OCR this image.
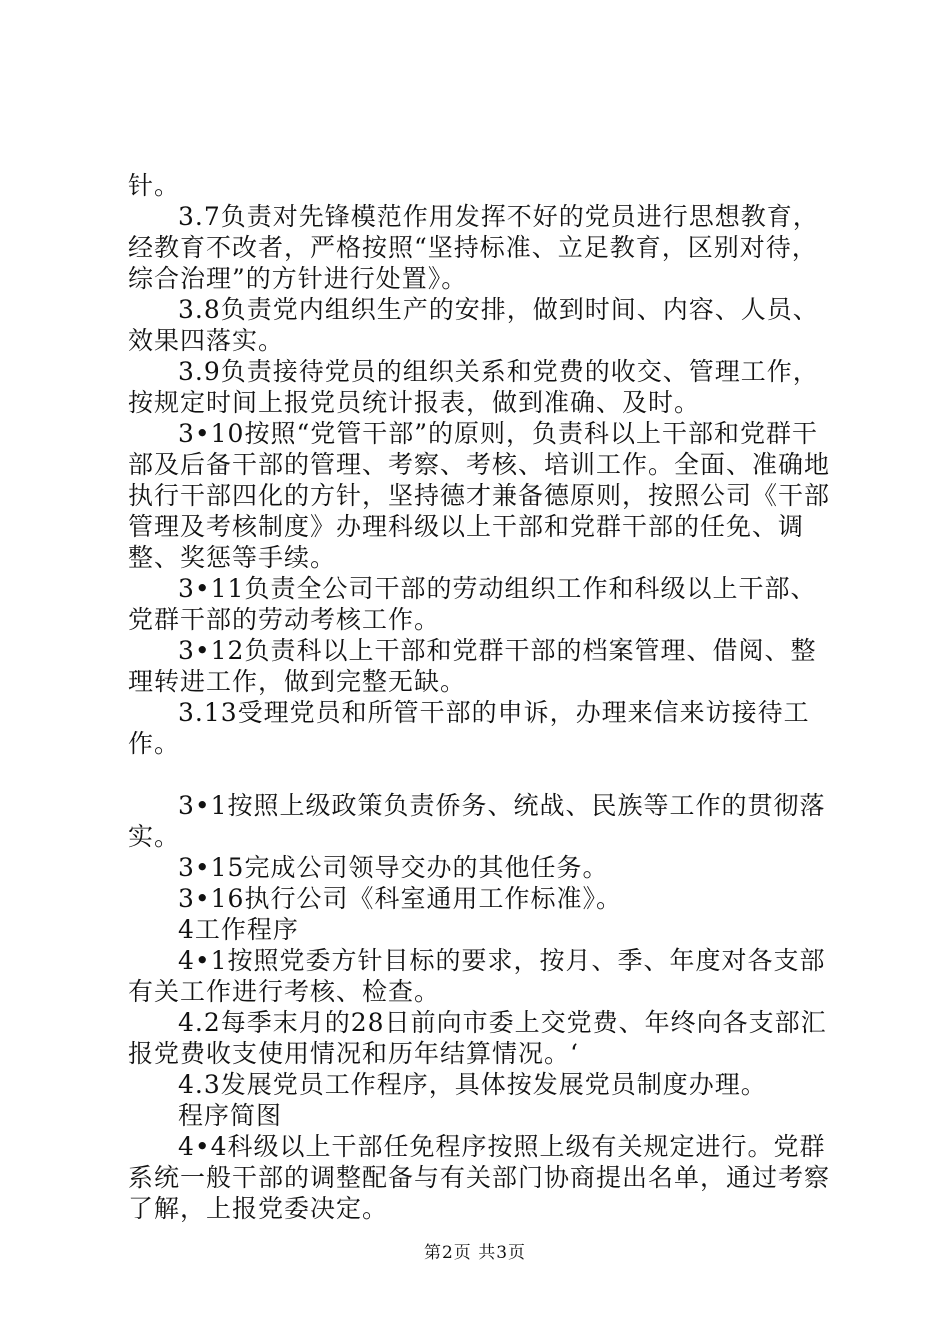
针。

3.7负责对先锋模范作用发挥不好的党员进行思想教育，经教育不改者，严格按照“坚持标准、立足教育，区别对待，综合治理”的方针进行处置》。

3.8负责党内组织生产的安排，做到时间、内容、人员、效果四落实。

3.9负责接待党员的组织关系和党费的收交、管理工作，按规定时间上报党员统计报表，做到准确、及时。

3•10按照“党管干部”的原则，负责科以上干部和党群干部及后备干部的管理、考察、考核、培训工作。全面、准确地执行干部四化的方针，坚持德才兼备德原则，按照公司《干部管理及考核制度》办理科级以上干部和党群干部的任免、调整、奖惩等手续。

3•11负责全公司干部的劳动组织工作和科级以上干部、党群干部的劳动考核工作。

3•12负责科以上干部和党群干部的档案管理、借阅、整理转进工作，做到完整无缺。

3.13受理党员和所管干部的申诉，办理来信来访接待工作。

3•1按照上级政策负责侨务、统战、民族等工作的贯彻落实。

3•15完成公司领导交办的其他任务。

3•16执行公司《科室通用工作标准》。

4工作程序

4•1按照党委方针目标的要求，按月、季、年度对各支部有关工作进行考核、检查。

4.2每季末月的28日前向市委上交党费、年终向各支部汇报党费收支使用情况和历年结算情况。‘

4.3发展党员工作程序，具体按发展党员制度办理。

程序简图

4•4科级以上干部任免程序按照上级有关规定进行。党群系统一般干部的调整配备与有关部门协商提出名单，通过考察了解，上报党委决定。

第2页 共3页
